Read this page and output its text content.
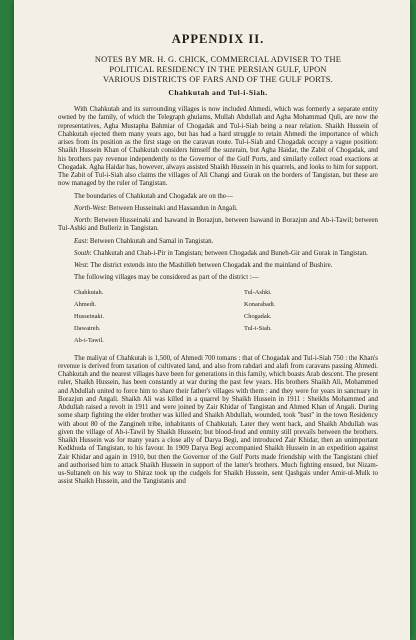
APPENDIX II.
NOTES BY MR. H. G. CHICK, COMMERCIAL ADVISER TO THE
POLITICAL RESIDENCY IN THE PERSIAN GULF, UPON
VARIOUS DISTRICTS OF FARS AND OF THE GULF PORTS.
Chahkutah and Tul-i-Siah.

With Chahkutah and its surrounding villages is now included Ahmedi, which was formerly a separate entity owned by the family, of which the Telegraph ghulams, Mullah Abdullah and Agha Mohammad Quli, are now the representatives, Agha Mustapha Bahmiar of Chogadak and Tul-i-Siah being a near relation. Shaikh Hussein of Chahkutah ejected them many years ago, but has had a hard struggle to retain Ahmedi the importance of which arises from its position as the first stage on the caravan route. Tul-i-Siah and Chogadak occupy a vague position: Shaikh Hussein Khan of Chahkutah considers himself the suzerain, but Agha Haidar, the Zabit of Chogadak, and his brothers pay revenue independently to the Governor of the Gulf Ports, and similarly collect road exactions at Chogadak. Agha Haidar has, however, always assisted Shaikh Hussein in his quarrels, and looks to him for support. The Zabit of Tul-i-Siah also claims the villages of Ali Changi and Gurak on the borders of Tangistan, but these are now managed by the ruler of Tangistan.

The boundaries of Chahkutah and Chogadak are on the—

North-West: Between Husseinaki and Hassandun in Angali.
North: Between Husseinaki and Isawand in Borazjun, between Isawand in Borazjun and Ab-i-Tawil; between Tul-Ashki and Bulleriz in Tangistan.
East: Between Chahkutah and Samal in Tangistan.
South: Chahkutah and Chah-i-Pir in Tangistan; between Chogadak and Buneh-Gir and Gurak in Tangistan.
West: The district extends into the Mashilleh between Chogadak and the mainland of Bushire.

The following villages may be considered as part of the district :—

Chahkutah.
Ahmedi.
Husseinaki.
Dawaireh.
Ab-i-Tawil.
Tul-Ashki.
Konarabadi.
Chogadak.
Tul-i-Siah.

The maliyat of Chahkutah is 1,500, of Ahmedi 700 tomans : that of Chogadak and Tul-i-Siah 750 : the Khan's revenue is derived from taxation of cultivated land, and also from rahdari and alafi from caravans passing Ahmedi. Chahkutah and the nearest villages have been for generations in this family, which boasts Arab descent. The present ruler, Shaikh Hussein, has been constantly at war during the past few years. His brothers Shaikh Ali, Mohammed and Abdullah united to force him to share their father's villages with them : and they were for years in sanctuary in Borazjun and Angali. Shaikh Ali was killed in a quarrel by Shaikh Hussein in 1911 : Sheikhs Mohammed and Abdullah raised a revolt in 1911 and were joined by Zair Khidar of Tangistan and Ahmed Khan of Angali. During some sharp fighting the elder brother was killed and Shaikh Abdullah, wounded, took "bast" in the town Residency with about 80 of the Zangineh tribe, inhabitants of Chahkutah. Later they went back, and Shaikh Abdullah was given the village of Ab-i-Tawil by Shaikh Hussein; but blood-feud and enmity still prevails between the brothers. Shaikh Hussein was for many years a close ally of Darya Begi, and introduced Zair Khidar, then an unimportant Kedkhuda of Tangistan, to his favour. In 1909 Darya Begi accompanied Shaikh Hussein in an expedition against Zair Khidar and again in 1910, but then the Governor of the Gulf Ports made friendship with the Tangistani chief and authorised him to attack Shaikh Hussein in support of the latter's brothers. Much fighting ensued, but Nizam-us-Sultaneh on his way to Shiraz took up the cudgels for Shaikh Hussein, sent Qashgais under Amir-ul-Mulk to assist Shaikh Hussein, and the Tangistanis and
